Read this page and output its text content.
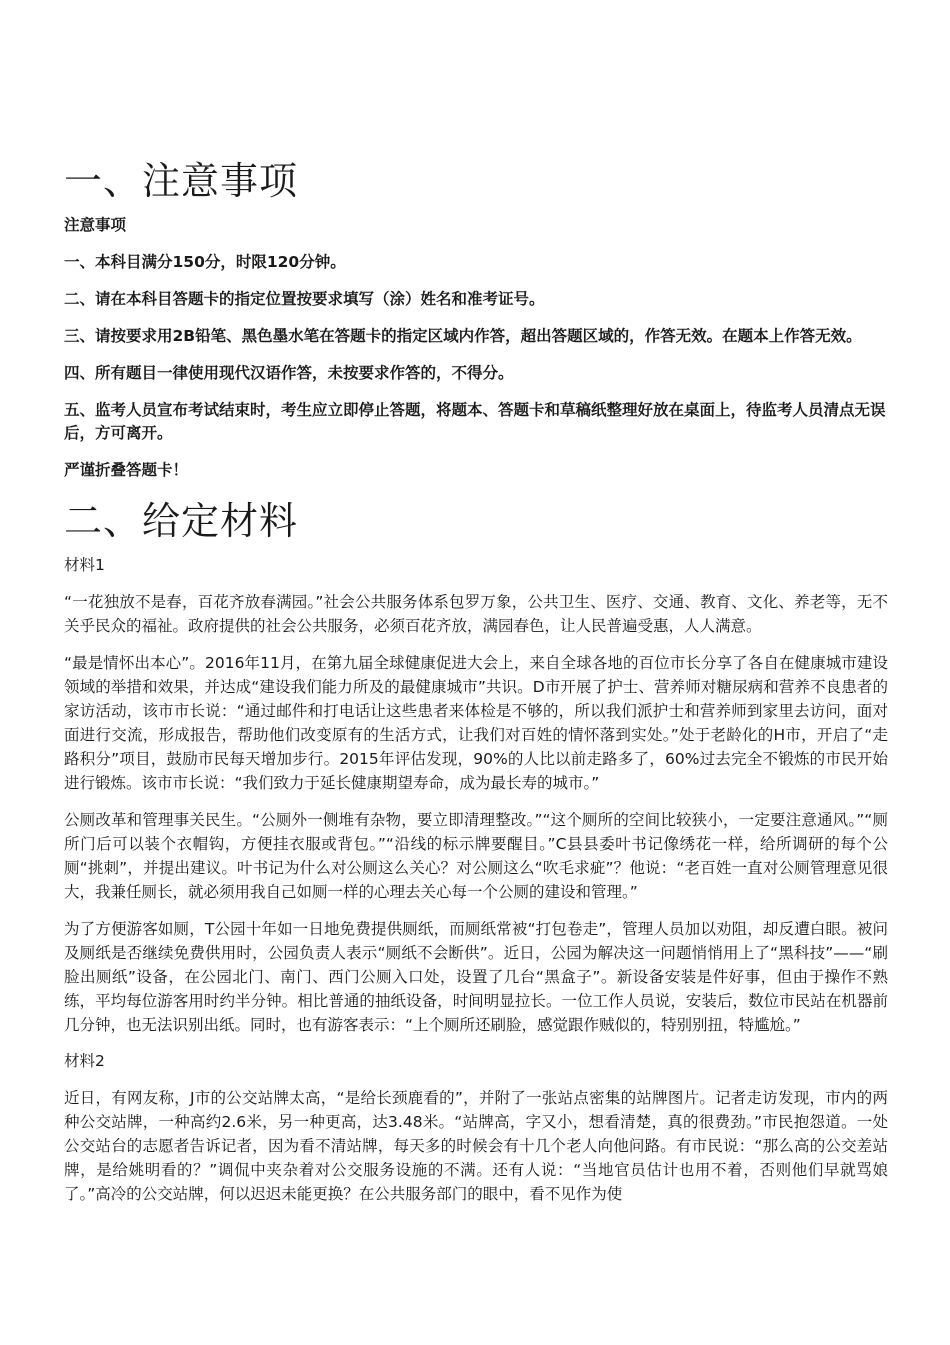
一、注意事项
注意事项
一、本科目满分150分，时限120分钟。
二、请在本科目答题卡的指定位置按要求填写（涂）姓名和准考证号。
三、请按要求用2B铅笔、黑色墨水笔在答题卡的指定区域内作答，超出答题区域的，作答无效。在题本上作答无效。
四、所有题目一律使用现代汉语作答，未按要求作答的，不得分。
五、监考人员宣布考试结束时，考生应立即停止答题，将题本、答题卡和草稿纸整理好放在桌面上，待监考人员清点无误后，方可离开。
严谨折叠答题卡！
二、给定材料
材料1

“一花独放不是春，百花齐放春满园。”社会公共服务体系包罗万象，公共卫生、医疗、交通、教育、文化、养老等，无不关乎民众的福祉。政府提供的社会公共服务，必须百花齐放，满园春色，让人民普遍受惠，人人满意。

“最是情怀出本心”。2016年11月，在第九届全球健康促进大会上，来自全球各地的百位市长分享了各自在健康城市建设领域的举措和效果，并达成“建设我们能力所及的最健康城市”共识。D市开展了护士、营养师对糖尿病和营养不良患者的家访活动，该市市长说：“通过邮件和打电话让这些患者来体检是不够的，所以我们派护士和营养师到家里去访问，面对面进行交流，形成报告，帮助他们改变原有的生活方式，让我们对百姓的情怀落到实处。”处于老龄化的H市，开启了“走路积分”项目，鼓励市民每天增加步行。2015年评估发现，90%的人比以前走路多了，60%过去完全不锻炼的市民开始进行锻炼。该市市长说：“我们致力于延长健康期望寿命，成为最长寿的城市。”

公厕改革和管理事关民生。“公厕外一侧堆有杂物，要立即清理整改。”“这个厕所的空间比较狭小，一定要注意通风。”“厕所门后可以装个衣帽钩，方便挂衣服或背包。”“沿线的标示牌要醒目。”C县县委叶书记像绣花一样，给所调研的每个公厕“挑刺”，并提出建议。叶书记为什么对公厕这么关心？对公厕这么“吹毛求疵”？他说：“老百姓一直对公厕管理意见很大，我兼任厕长，就必须用我自己如厕一样的心理去关心每一个公厕的建设和管理。”

为了方便游客如厕，T公园十年如一日地免费提供厕纸，而厕纸常被“打包卷走”，管理人员加以劝阻，却反遭白眼。被问及厕纸是否继续免费供用时，公园负责人表示“厕纸不会断供”。近日，公园为解决这一问题悄悄用上了“黑科技”——“刷脸出厕纸”设备，在公园北门、南门、西门公厕入口处，设置了几台“黑盒子”。新设备安装是件好事，但由于操作不熟练，平均每位游客用时约半分钟。相比普通的抽纸设备，时间明显拉长。一位工作人员说，安装后，数位市民站在机器前几分钟，也无法识别出纸。同时，也有游客表示：“上个厕所还刷脸，感觉跟作贼似的，特别别扭，特尴尬。”

材料2

近日，有网友称，J市的公交站牌太高，“是给长颈鹿看的”，并附了一张站点密集的站牌图片。记者走访发现，市内的两种公交站牌，一种高约2.6米，另一种更高，达3.48米。“站牌高，字又小，想看清楚，真的很费劲。”市民抱怨道。一处公交站台的志愿者告诉记者，因为看不清站牌，每天多的时候会有十几个老人向他问路。有市民说：“那么高的公交差站牌，是给姚明看的？”调侃中夹杂着对公交服务设施的不满。还有人说：“当地官员估计也用不着，否则他们早就骂娘了。”高冷的公交站牌，何以迟迟未能更换？在公共服务部门的眼中，看不见作为使
